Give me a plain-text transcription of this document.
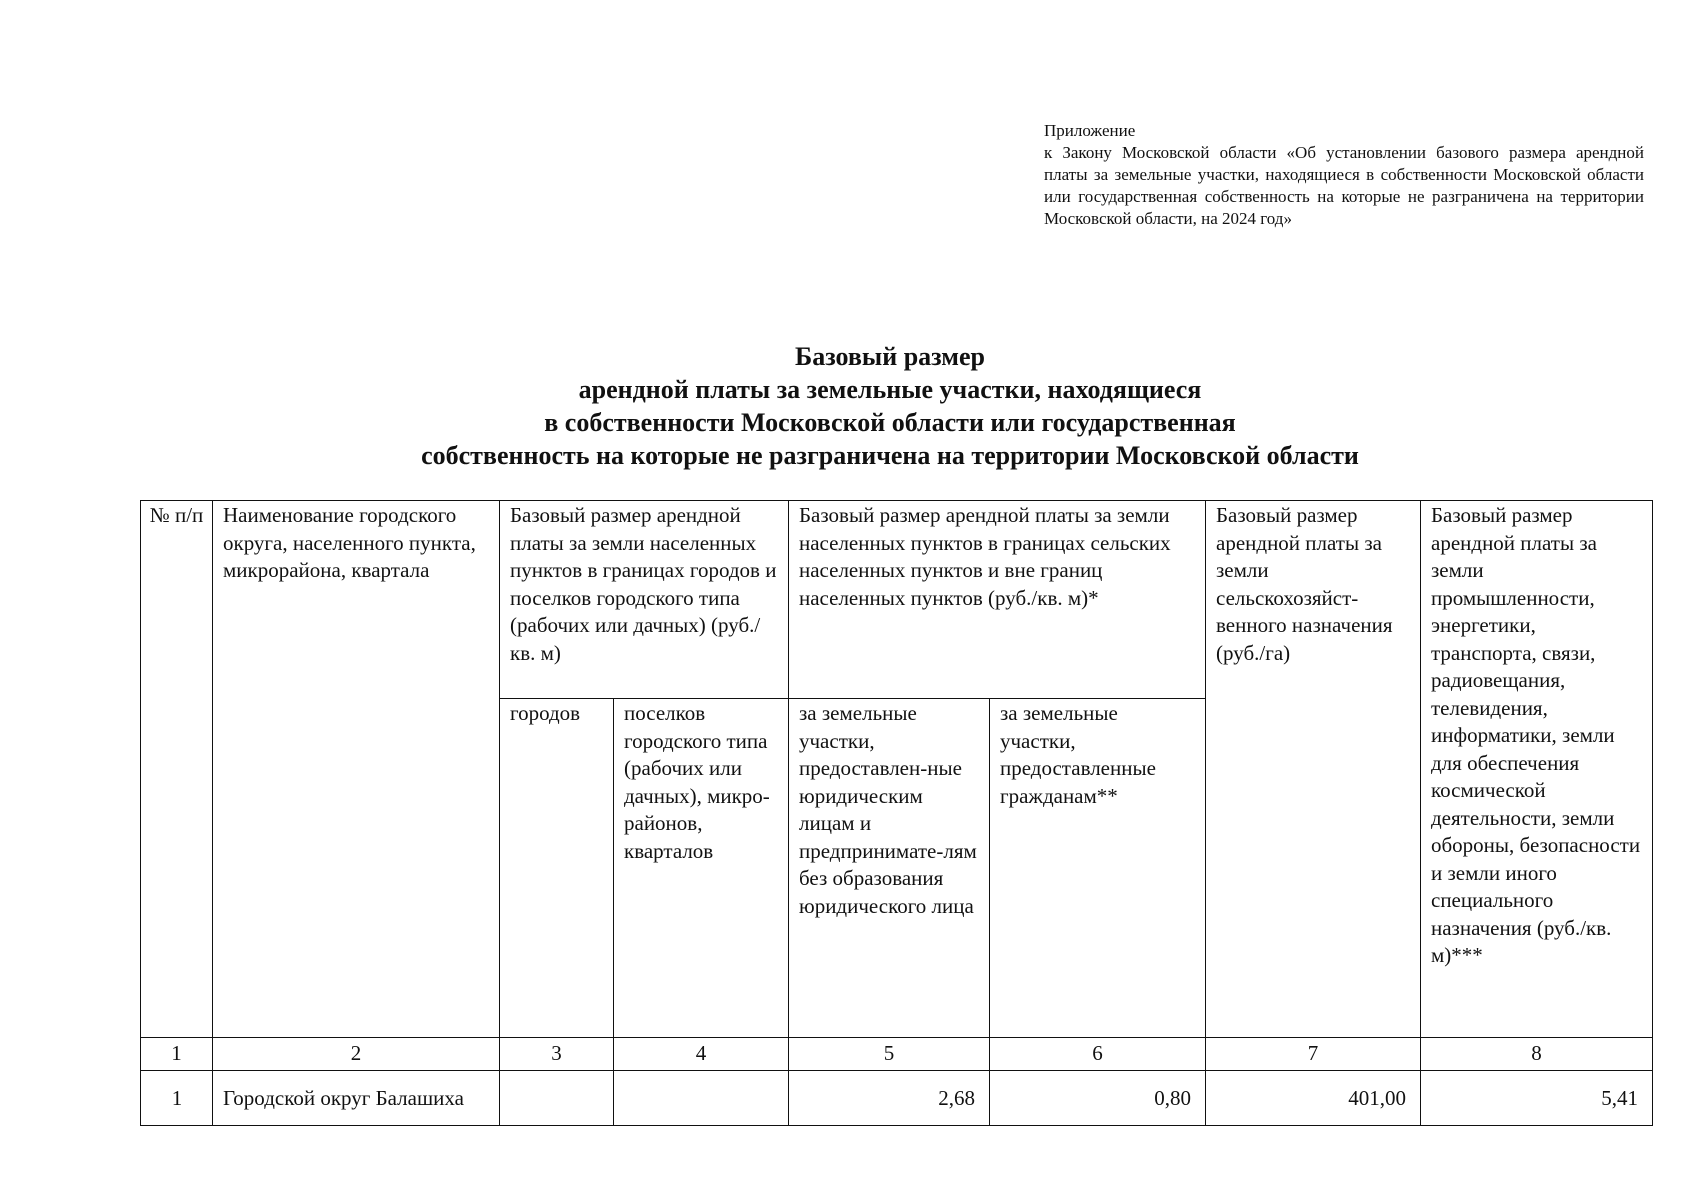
Приложение
к Закону Московской области «Об установлении базового размера арендной платы за земельные участки, находящиеся в собственности Московской области или государственная собственность на которые не разграничена на территории Московской области, на 2024 год»
Базовый размер
арендной платы за земельные участки, находящиеся
в собственности Московской области или государственная
собственность на которые не разграничена на территории Московской области
№ п/п	Наименование городского округа, населенного пункта, микрорайона, квартала	Базовый размер арендной платы за земли населенных пунктов в границах городов и поселков городского типа (рабочих или дачных) (руб./кв. м)		Базовый размер арендной платы за земли населенных пунктов в границах сельских населенных пунктов и вне границ населенных пунктов (руб./кв. м)*		Базовый размер арендной платы за земли сельскохозяйст-венного назначения (руб./га)	Базовый размер арендной платы за земли промышленности, энергетики, транспорта, связи, радиовещания, телевидения, информатики, земли для обеспечения космической деятельности, земли обороны, безопасности и земли иного специального назначения (руб./кв. м)***
		городов	поселков городского типа (рабочих или дачных), микро-районов, кварталов	за земельные участки, предоставлен-ные юридическим лицам и предпринимате-лям без образования юридического лица	за земельные участки, предоставленные гражданам**		
1	2	3	4	5	6	7	8
1	Городской округ Балашиха			2,68	0,80	401,00	5,41
